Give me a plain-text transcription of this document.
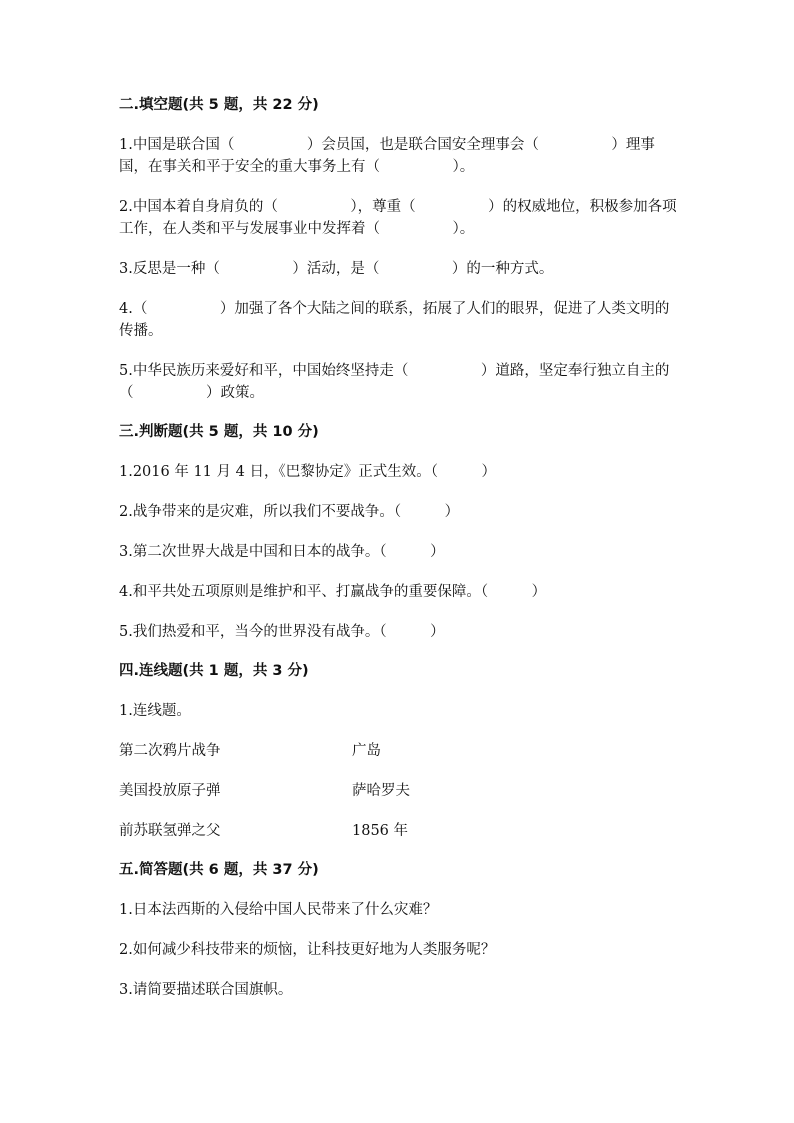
二.填空题(共 5 题，共 22 分)
1.中国是联合国（　　　　　）会员国，也是联合国安全理事会（　　　　　）理事国，在事关和平于安全的重大事务上有（　　　　　）。
2.中国本着自身肩负的（　　　　　），尊重（　　　　　）的权威地位，积极参加各项工作，在人类和平与发展事业中发挥着（　　　　　）。
3.反思是一种（　　　　　）活动，是（　　　　　）的一种方式。
4.（　　　　　）加强了各个大陆之间的联系，拓展了人们的眼界，促进了人类文明的传播。
5.中华民族历来爱好和平，中国始终坚持走（　　　　　）道路，坚定奉行独立自主的（　　　　　）政策。
三.判断题(共 5 题，共 10 分)
1.2016 年 11 月 4 日，《巴黎协定》正式生效。（　　　）
2.战争带来的是灾难，所以我们不要战争。（　　　）
3.第二次世界大战是中国和日本的战争。（　　　）
4.和平共处五项原则是维护和平、打赢战争的重要保障。（　　　）
5.我们热爱和平，当今的世界没有战争。（　　　）
四.连线题(共 1 题，共 3 分)
1.连线题。
第二次鸦片战争	广岛
美国投放原子弹	萨哈罗夫
前苏联氢弹之父	1856 年
五.简答题(共 6 题，共 37 分)
1.日本法西斯的入侵给中国人民带来了什么灾难？
2.如何减少科技带来的烦恼，让科技更好地为人类服务呢？
3.请简要描述联合国旗帜。
